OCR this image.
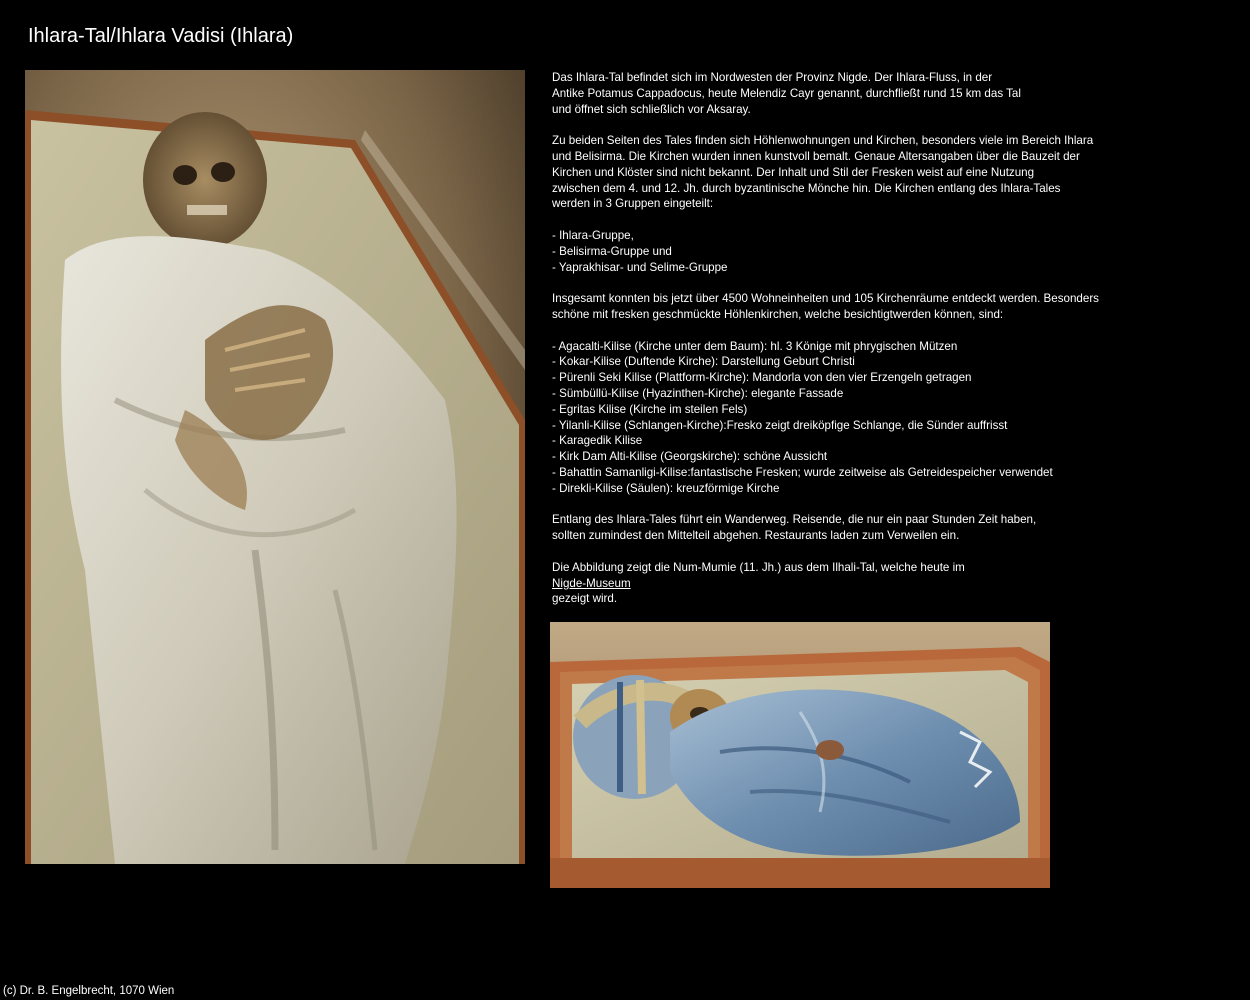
Ihlara-Tal/Ihlara Vadisi (Ihlara)

Das Ihlara-Tal befindet sich im Nordwesten der Provinz Nigde. Der Ihlara-Fluss, in der

Antike Potamus Cappadocus, heute Melendiz Cayr genannt, durchfließt rund 15 km das Tal

und öffnet sich schließlich vor Aksaray.

Zu beiden Seiten des Tales finden sich Höhlenwohnungen und Kirchen, besonders viele im Bereich Ihlara

und Belisirma. Die Kirchen wurden innen kunstvoll bemalt. Genaue Altersangaben über die Bauzeit der

Kirchen und Klöster sind nicht bekannt. Der Inhalt und Stil der Fresken weist auf eine Nutzung

zwischen dem 4. und 12. Jh. durch byzantinische Mönche hin. Die Kirchen entlang des Ihlara-Tales

werden in 3 Gruppen eingeteilt:

- Ihlara-Gruppe,

- Belisirma-Gruppe und

- Yaprakhisar- und Selime-Gruppe

Insgesamt konnten bis jetzt über 4500 Wohneinheiten und 105 Kirchenräume entdeckt werden. Besonders

schöne mit fresken geschmückte Höhlenkirchen, welche besichtigtwerden können, sind:

- Agacalti-Kilise (Kirche unter dem Baum): hl. 3 Könige mit phrygischen Mützen

- Kokar-Kilise (Duftende Kirche): Darstellung Geburt Christi

- Pürenli Seki Kilise (Plattform-Kirche): Mandorla von den vier Erzengeln getragen

- Sümbüllü-Kilise (Hyazinthen-Kirche): elegante Fassade

- Egritas Kilise (Kirche im steilen Fels)

- Yilanli-Kilise (Schlangen-Kirche):Fresko zeigt dreiköpfige Schlange, die Sünder auffrisst

- Karagedik Kilise

- Kirk Dam Alti-Kilise (Georgskirche): schöne Aussicht

- Bahattin Samanligi-Kilise:fantastische Fresken; wurde zeitweise als Getreidespeicher verwendet

- Direkli-Kilise (Säulen): kreuzförmige Kirche

Entlang des Ihlara-Tales führt ein Wanderweg. Reisende, die nur ein paar Stunden Zeit haben,

sollten zumindest den Mittelteil abgehen. Restaurants laden zum Verweilen ein.

Die Abbildung zeigt die Num-Mumie (11. Jh.) aus dem Ilhali-Tal, welche heute im

Nigde-Museum

gezeigt wird.

(c) Dr. B. Engelbrecht, 1070 Wien
